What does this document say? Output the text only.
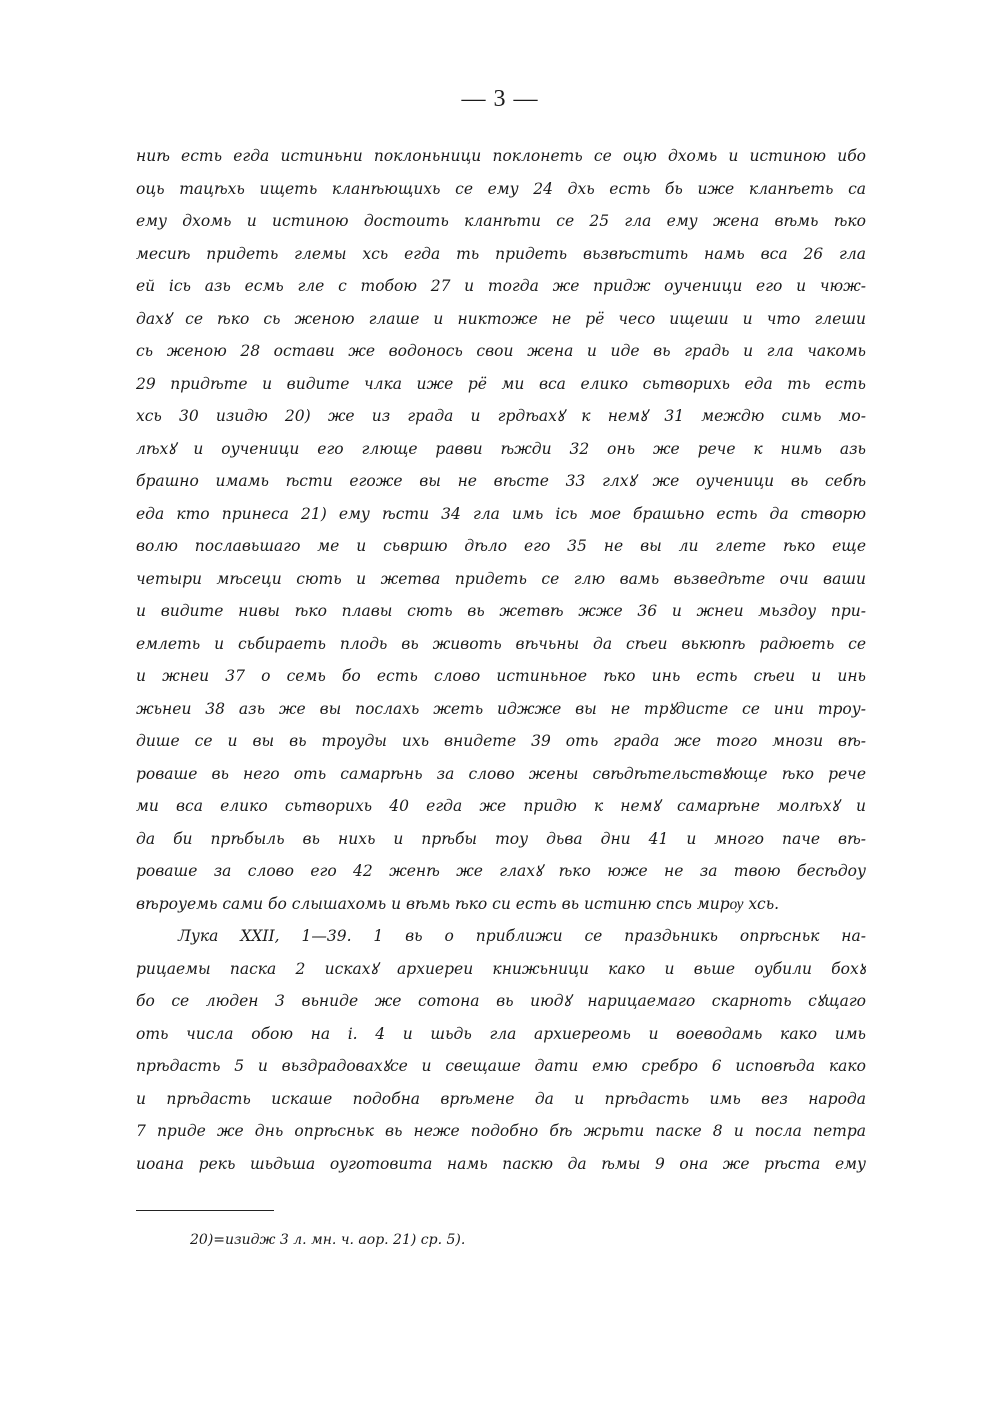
— 3 —
ниѣ есть егда истиньни поклоньници поклонеть се оцю дхомь и истиною ибо
оць тацѣхь ищеть кланѣющихь се ему 24 дхь есть бь иже кланѣеть са
ему дхомь и истиною достоить кланѣти се 25 гла ему жена вѣмь ѣко
месиѣ придеть глемы хсь егда ть придеть вьзвѣстить намь вса 26 гла
ей ісь азь есмь гле с тобою 27 и тогда же придж оученици его и чюж-
дахꙋ се ѣко сь женою глаше и никтоже не рё чесо ищеши и что глеши
сь женою 28 остави же водонось свои жена и иде вь градь и гла чакомь
29 придѣте и видите члка иже рё ми вса елико сьтворихь еда ть есть
хсь 30 изидю 20) же из града и грдѣахꙋ к немꙋ 31 междю симь мо-
лѣхꙋ и оученици его глюще равви ѣжди 32 онь же рече к нимь азь
брашно имамь ѣсти егоже вы не вѣсте 33 глхꙋ же оученици вь себѣ
еда кто принеса 21) ему ѣсти 34 гла имь ісь мое брашьно есть да створю
волю пославьшаго ме и сьвршю дѣло его 35 не вы ли глете ѣко еще
четыри мѣсеци сють и жетва придеть се глю вамь вьзведѣте очи ваши
и видите нивы ѣко плавы сють вь жетвѣ жже 36 и жнеи мьздоу при-
емлеть и сьбираеть плодь вь животь вѣчьны да сѣеи вькюпѣ радюеть се
и жнеи 37 о семь бо есть слово истиньное ѣко инь есть сѣеи и инь
жьнеи 38 азь же вы послахь жеть иджже вы не трꙋдисте се ини троу-
дише се и вы вь троуды ихь внидете 39 оть града же того мнози вѣ-
роваше вь него оть самарѣнь за слово жены свѣдѣтельствꙋюще ѣко рече
ми вса елико сьтворихь 40 егда же придю к немꙋ самарѣне молѣхꙋ и
да би прѣбыль вь нихь и прѣбы тоу дьва дни 41 и много паче вѣ-
роваше за слово его 42 женѣ же глахꙋ ѣко юже не за твою бесѣдоу
вѣроуемь сами бо слышахомь и вѣмь ѣко си есть вь истиню спсь мирѹ хсь.
Лука XXII, 1—39. 1 вь о приближи се праздьникь опрѣсньк на-
рицаемы паска 2 искахꙋ архиереи книжьници како и вьше оубили бохꙋ
бо се люден 3 вьниде же сотона вь июдꙋ нарицаемаго скарноть сꙋщаго
оть числа обою на і. 4 и шьдь гла архиереомь и воеводамь како имь
прѣдасть 5 и вьздрадовахꙋсе и свещаше дати емю сребро 6 исповѣда како
и прѣдасть искаше подобна врѣмене да и прѣдасть имь вез народа
7 приде же днь опрѣсньк вь неже подобно бѣ жрьти паске 8 и посла петра
иоана рекь шьдьша оуготовита намь паскю да ѣмы 9 она же рѣста ему
20)=изидж 3 л. мн. ч. аор. 21) ср. 5).
